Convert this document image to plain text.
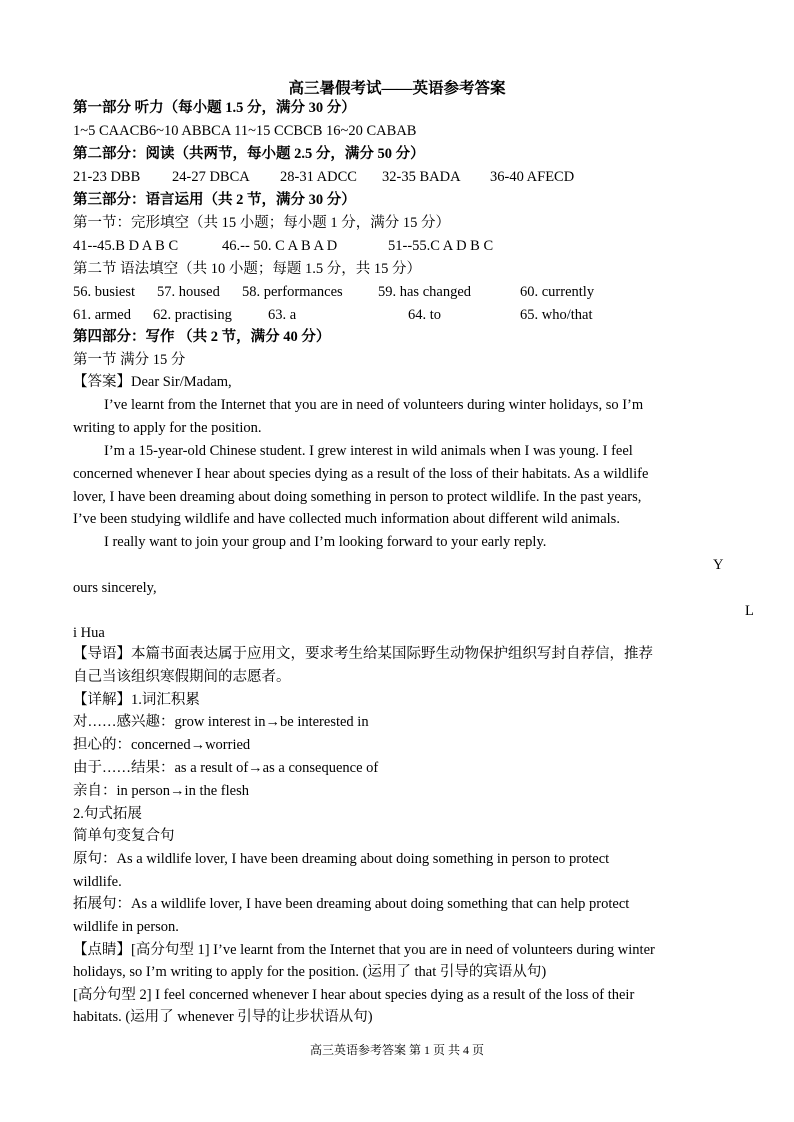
高三暑假考试——英语参考答案
第一部分 听力（每小题 1.5 分，满分 30 分）
1~5 CAACB6~10 ABBCA 11~15 CCBCB 16~20 CABAB
第二部分：阅读（共两节，每小题 2.5 分，满分 50 分）
21-23 DBB 24-27 DBCA 28-31 ADCC 32-35 BADA 36-40 AFECD
第三部分：语言运用（共 2 节，满分 30 分）
第一节：完形填空（共 15 小题；每小题 1 分，满分 15 分）
41--45.B D A B C	46.-- 50. C A B A D	51--55.C A D B C
第二节 语法填空（共 10 小题；每题 1.5 分，共 15 分）
56. busiest 57. housed 58. performances 59. has changed	60. currently
61. armed 62. practising 63. a	64. to	65. who/that
第四部分：写作 （共 2 节，满分 40 分）
第一节 满分 15 分
【答案】Dear Sir/Madam,
I’ve learnt from the Internet that you are in need of volunteers during winter holidays, so I’m
writing to apply for the position.
I’m a 15-year-old Chinese student. I grew interest in wild animals when I was young. I feel
concerned whenever I hear about species dying as a result of the loss of their habitats. As a wildlife
lover, I have been dreaming about doing something in person to protect wildlife. In the past years,
I’ve been studying wildlife and have collected much information about different wild animals.
I really want to join your group and I’m looking forward to your early reply.
Y
ours sincerely,
L
i Hua
【导语】本篇书面表达属于应用文，要求考生给某国际野生动物保护组织写封自荐信，推荐
自己当该组织寒假期间的志愿者。
【详解】1.词汇积累
对……感兴趣：grow interest in→be interested in
担心的：concerned→worried
由于……结果：as a result of→as a consequence of
亲自：in person→in the flesh
2.句式拓展
简单句变复合句
原句：As a wildlife lover, I have been dreaming about doing something in person to protect
wildlife.
拓展句：As a wildlife lover, I have been dreaming about doing something that can help protect
wildlife in person.
【点睛】[高分句型 1] I’ve learnt from the Internet that you are in need of volunteers during winter
holidays, so I’m writing to apply for the position. (运用了 that 引导的宾语从句)
[高分句型 2] I feel concerned whenever I hear about species dying as a result of the loss of their
habitats. (运用了 whenever 引导的让步状语从句)
高三英语参考答案 第 1 页 共 4 页
